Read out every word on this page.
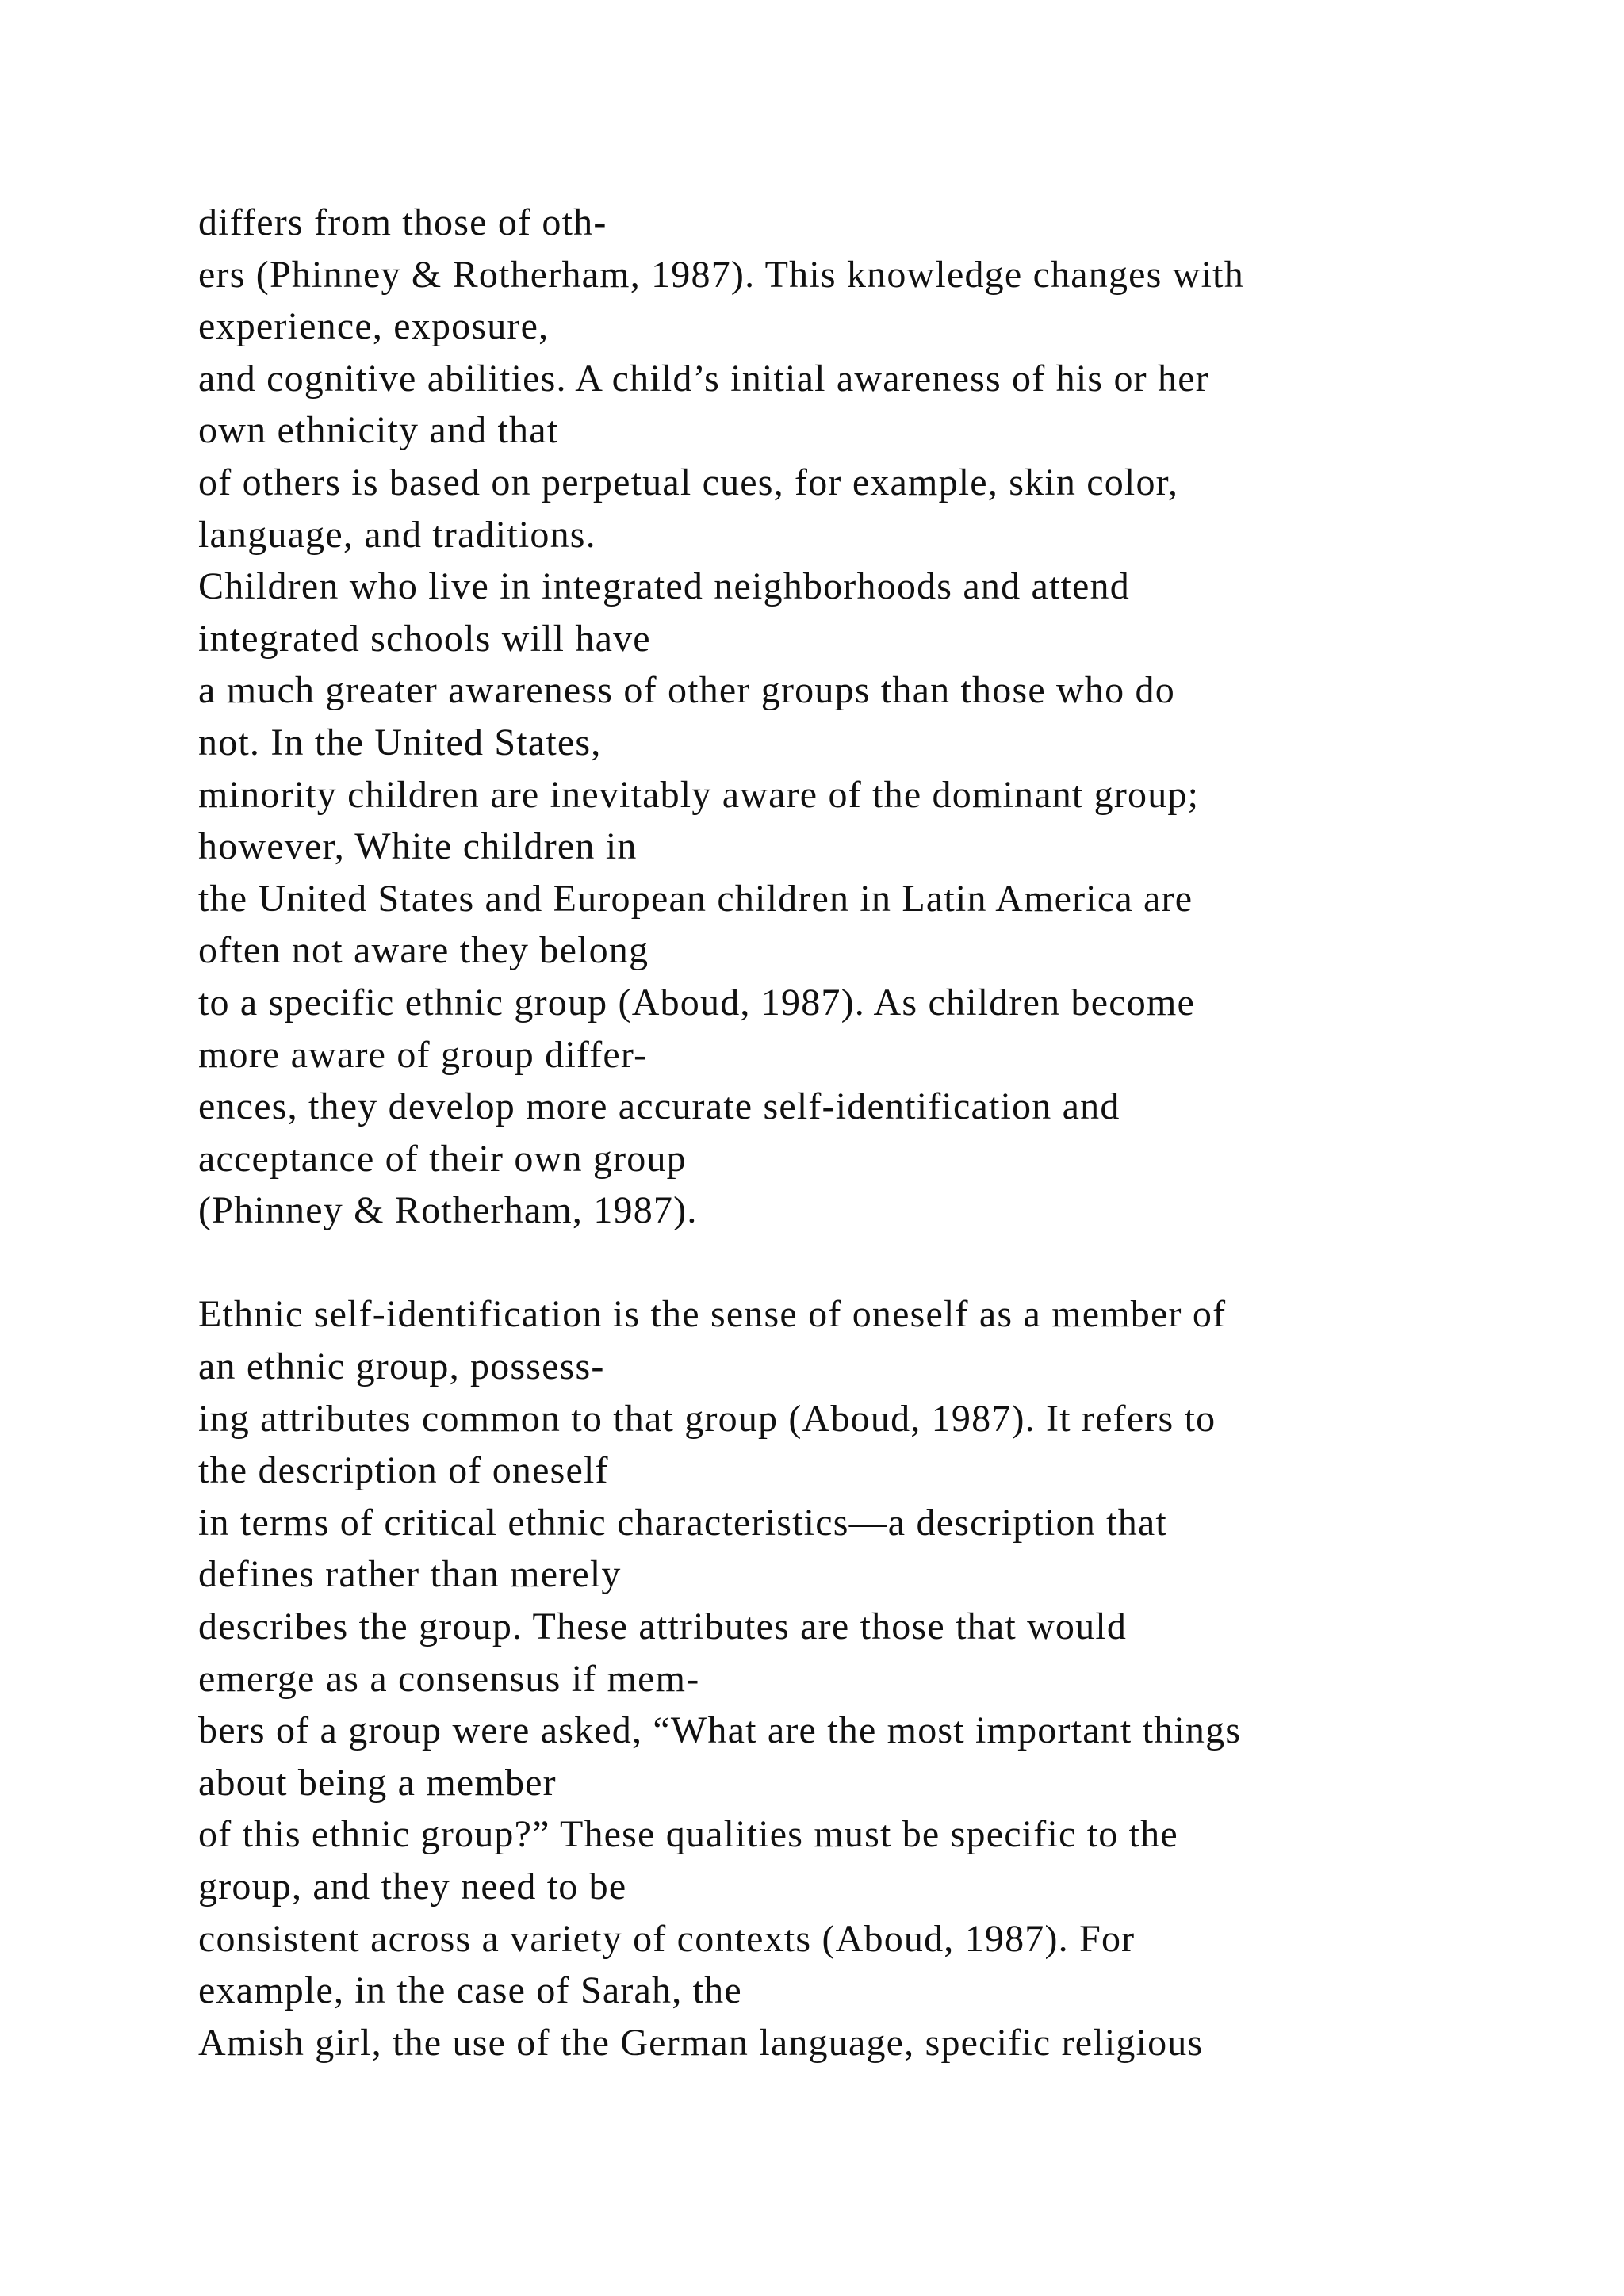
differs from those of oth-
ers (Phinney & Rotherham, 1987). This knowledge changes with
experience, exposure,
and cognitive abilities. A child’s initial awareness of his or her
own ethnicity and that
of others is based on perpetual cues, for example, skin color,
language, and traditions.
Children who live in integrated neighborhoods and attend
integrated schools will have
a much greater awareness of other groups than those who do
not. In the United States,
minority children are inevitably aware of the dominant group;
however, White children in
the United States and European children in Latin America are
often not aware they belong
to a specific ethnic group (Aboud, 1987). As children become
more aware of group differ-
ences, they develop more accurate self-identification and
acceptance of their own group
(Phinney & Rotherham, 1987).
Ethnic self-identification is the sense of oneself as a member of
an ethnic group, possess-
ing attributes common to that group (Aboud, 1987). It refers to
the description of oneself
in terms of critical ethnic characteristics—a description that
defines rather than merely
describes the group. These attributes are those that would
emerge as a consensus if mem-
bers of a group were asked, “What are the most important things
about being a member
of this ethnic group?” These qualities must be specific to the
group, and they need to be
consistent across a variety of contexts (Aboud, 1987). For
example, in the case of Sarah, the
Amish girl, the use of the German language, specific religious
